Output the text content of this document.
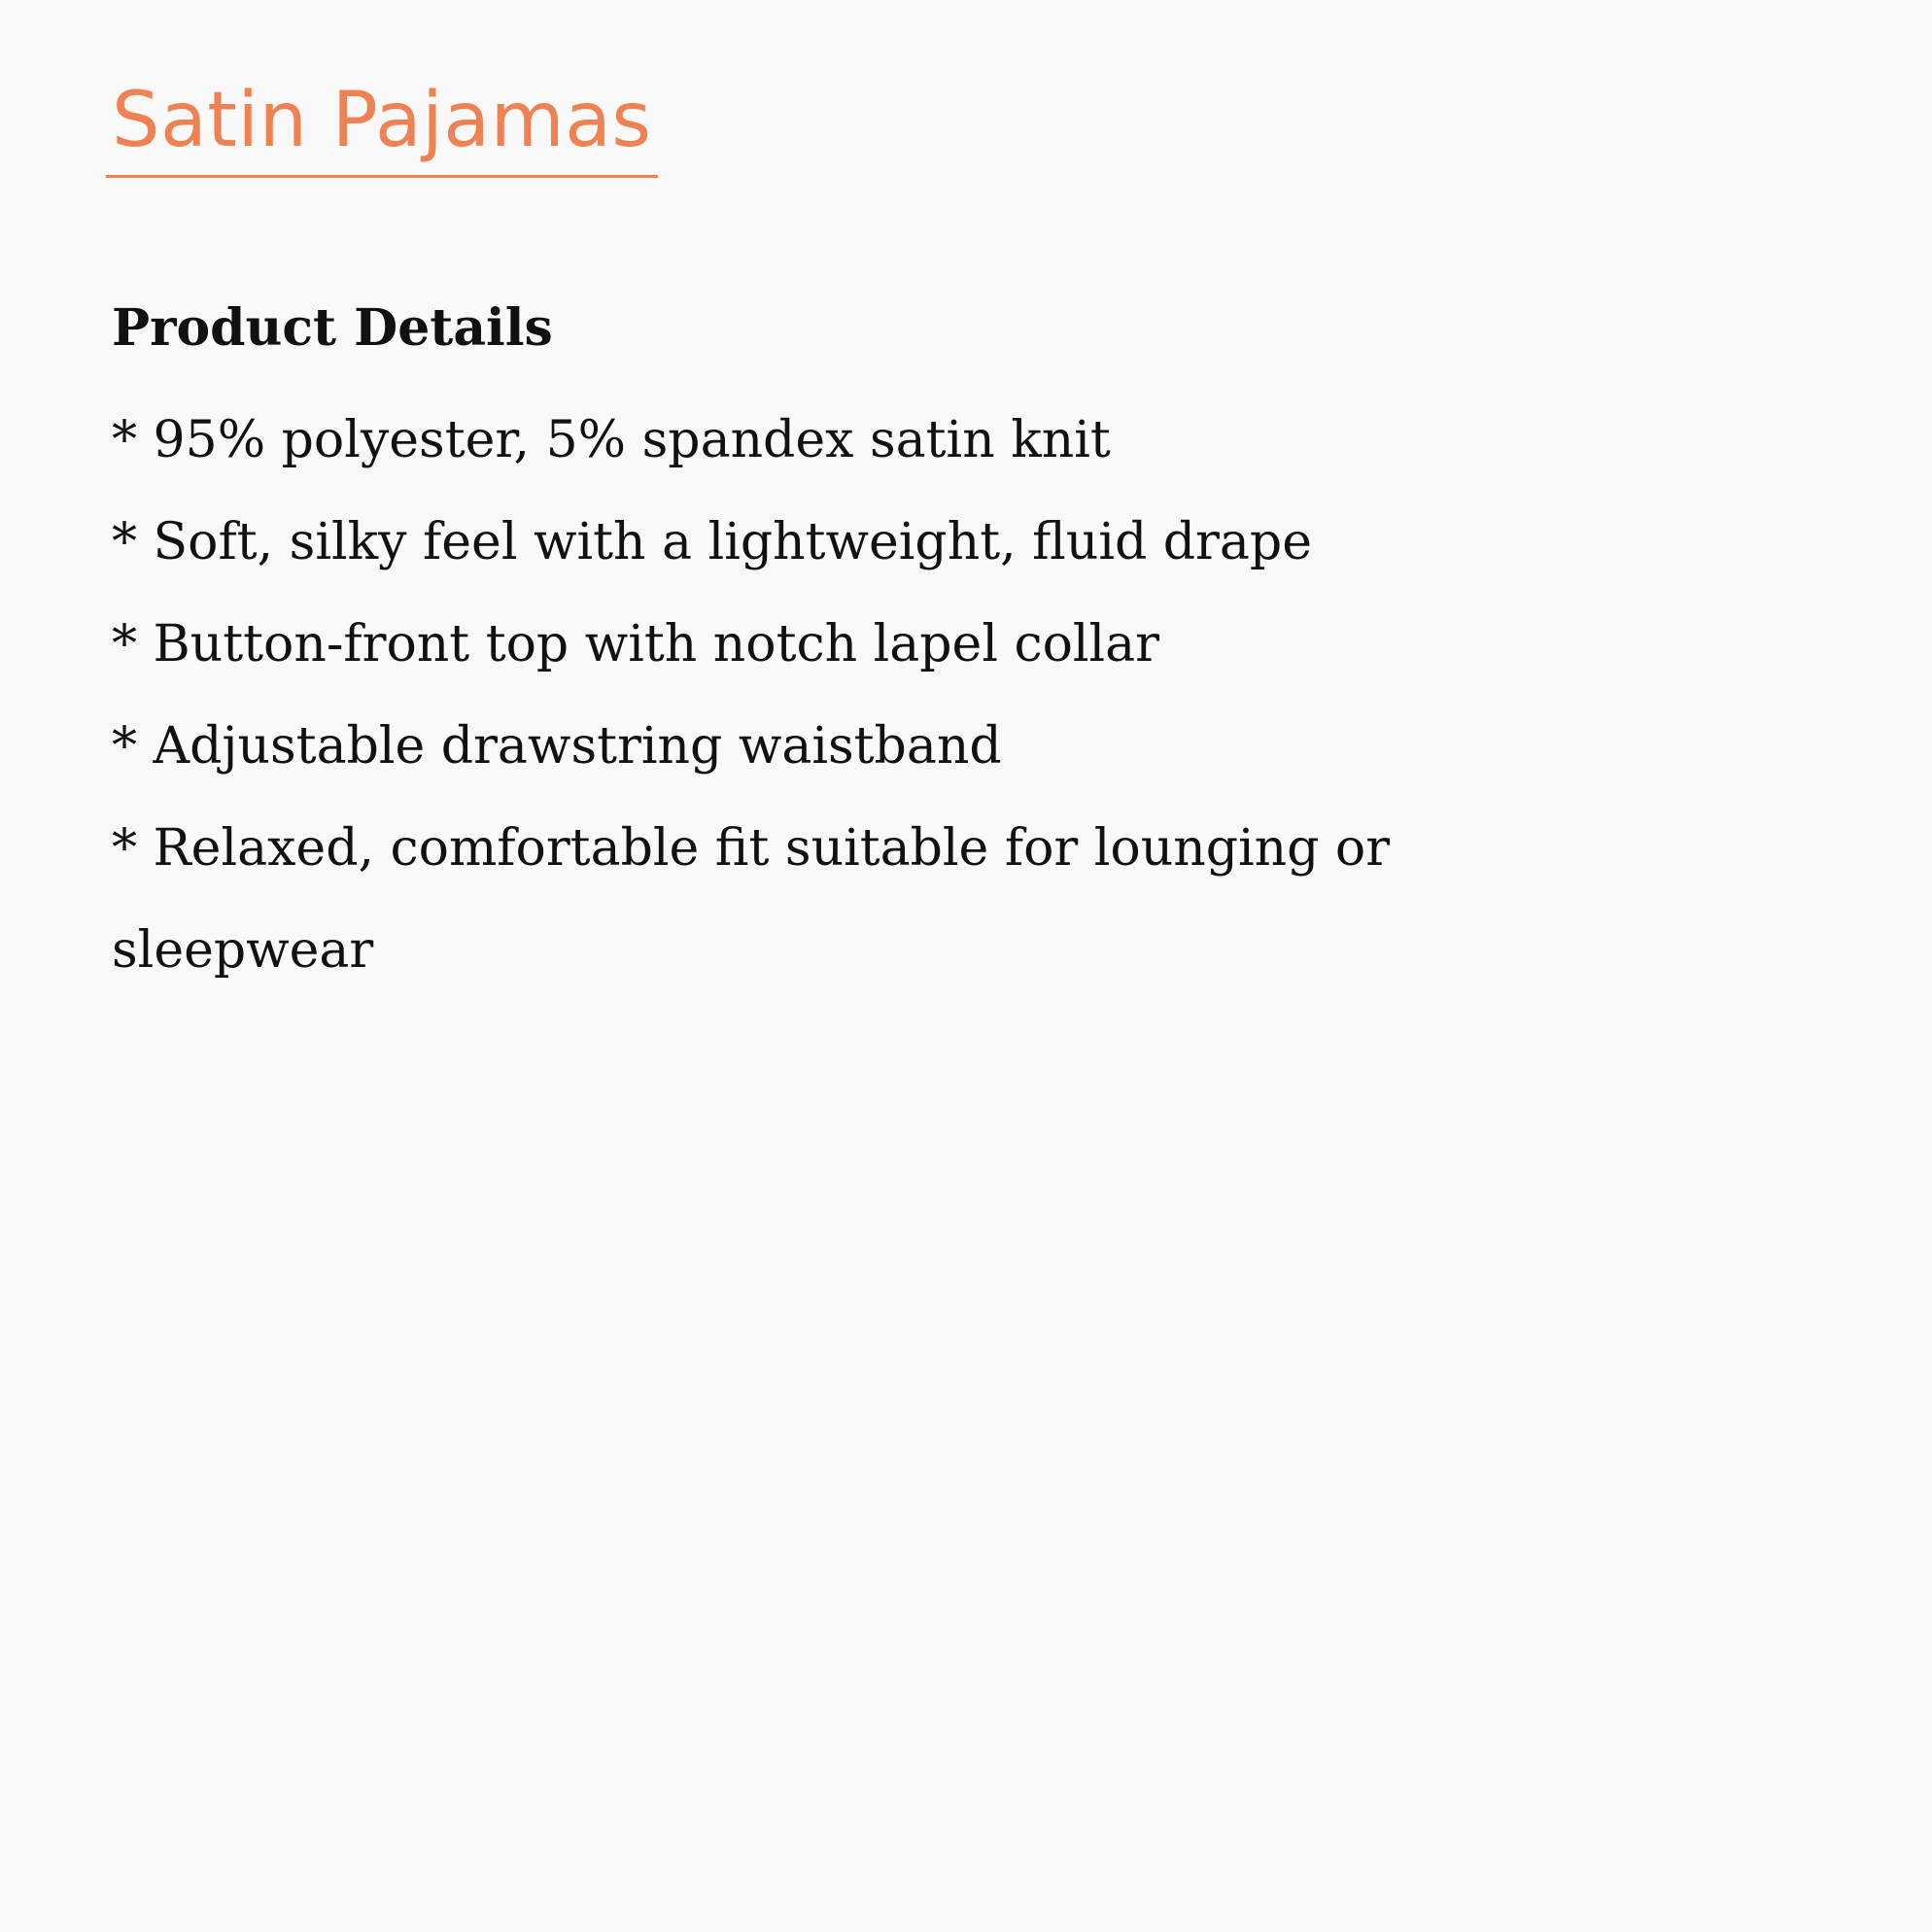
Satin Pajamas
Product Details
* 95% polyester, 5% spandex satin knit
* Soft, silky feel with a lightweight, fluid drape
* Button-front top with notch lapel collar
* Adjustable drawstring waistband
* Relaxed, comfortable fit suitable for lounging or sleepwear
